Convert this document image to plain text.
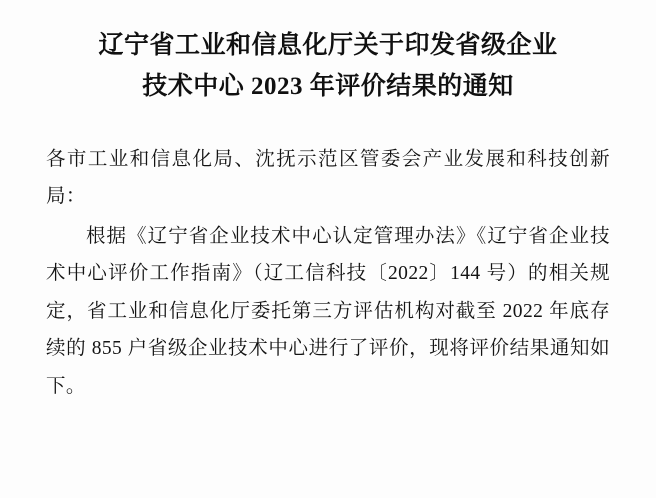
辽宁省工业和信息化厅关于印发省级企业
技术中心 2023 年评价结果的通知

各市工业和信息化局、沈抚示范区管委会产业发展和科技创新局：

根据《辽宁省企业技术中心认定管理办法》《辽宁省企业技术中心评价工作指南》（辽工信科技〔2022〕144 号）的相关规定，省工业和信息化厅委托第三方评估机构对截至 2022 年底存续的 855 户省级企业技术中心进行了评价，现将评价结果通知如下。
